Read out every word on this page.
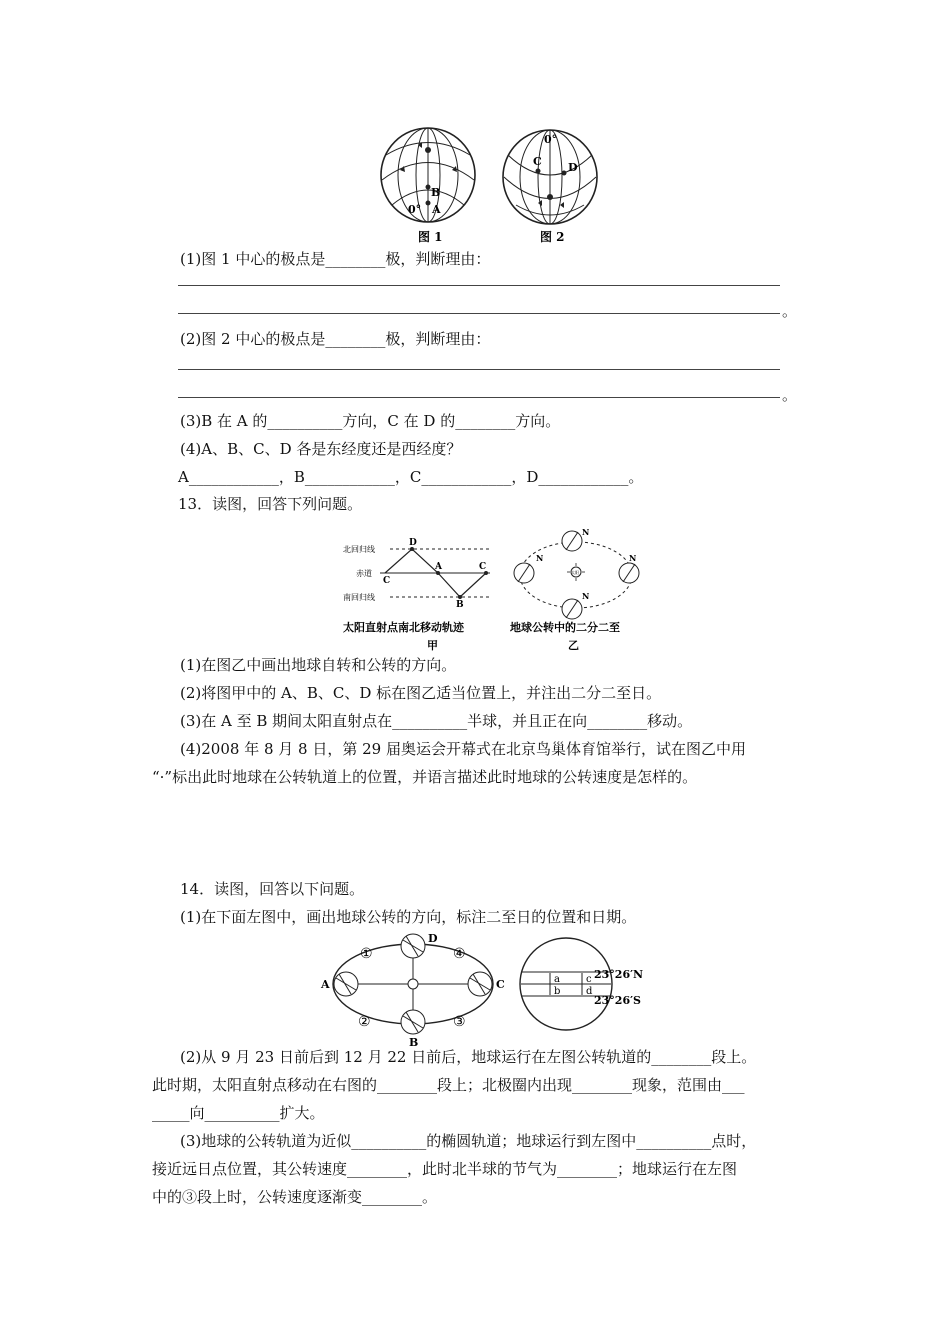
B
A
0°
图 1
0°
C D
图 2
(1)图 1 中心的极点是________极，判断理由：
。
(2)图 2 中心的极点是________极，判断理由：
。
(3)B 在 A 的__________方向，C 在 D 的________方向。
(4)A、B、C、D 各是东经度还是西经度？
A____________，B____________，C____________，D____________。
13．读图，回答下列问题。
北回归线
赤道
南回归线
D
C
A
B
C
太阳直射点南北移动轨迹
甲
太阳
N
N	N
N
地球公转中的二分二至
乙
(1)在图乙中画出地球自转和公转的方向。
(2)将图甲中的 A、B、C、D 标在图乙适当位置上，并注出二分二至日。
(3)在 A 至 B 期间太阳直射点在__________半球，并且正在向________移动。
(4)2008 年 8 月 8 日，第 29 届奥运会开幕式在北京鸟巢体育馆举行，试在图乙中用
“·”标出此时地球在公转轨道上的位置，并语言描述此时地球的公转速度是怎样的。
14．读图，回答以下问题。
(1)在下面左图中，画出地球公转的方向，标注二至日的位置和日期。
①	④
②	③
A	C
D
B
a
b
c
d
23°26′N
23°26′S
(2)从 9 月 23 日前后到 12 月 22 日前后，地球运行在左图公转轨道的________段上。
此时期，太阳直射点移动在右图的________段上；北极圈内出现________现象，范围由___
_____向__________扩大。
(3)地球的公转轨道为近似__________的椭圆轨道；地球运行到左图中__________点时，
接近远日点位置，其公转速度________，此时北半球的节气为________；地球运行在左图
中的③段上时，公转速度逐渐变________。
